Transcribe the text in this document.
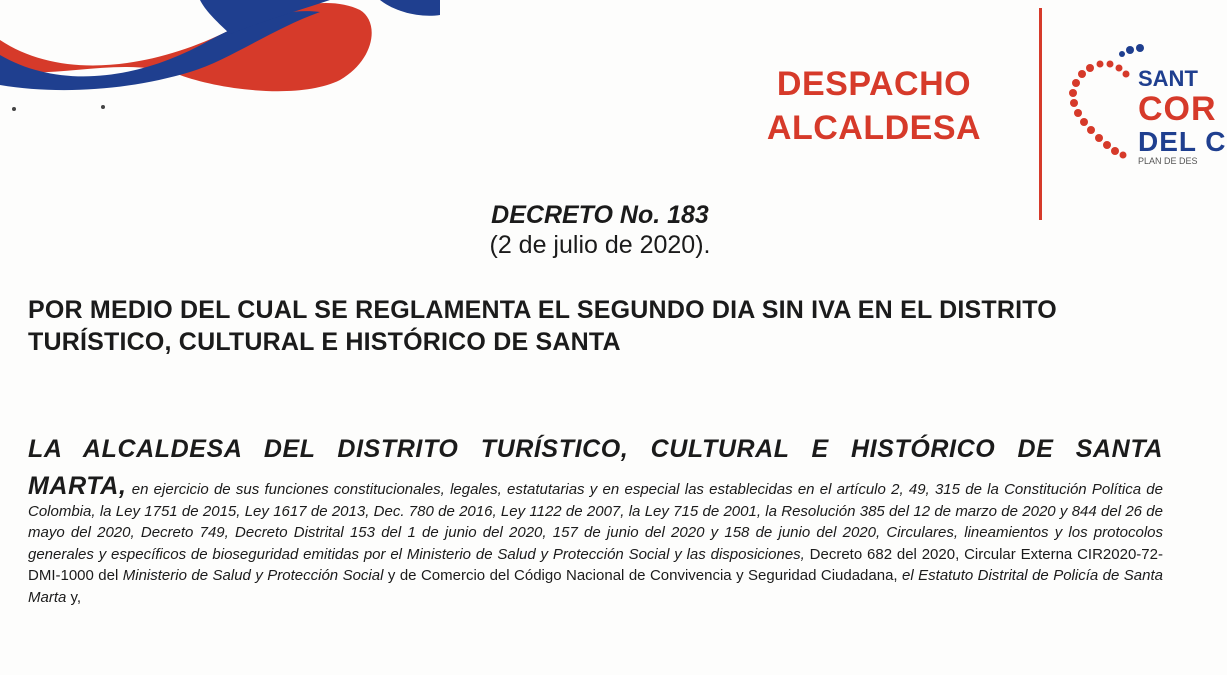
DESPACHO
ALCALDESA
SANT
COR
DEL C
PLAN DE DES
DECRETO No. 183
(2 de julio de 2020).
POR MEDIO DEL CUAL SE REGLAMENTA EL SEGUNDO DIA SIN IVA EN EL DISTRITO TURÍSTICO, CULTURAL E HISTÓRICO DE SANTA
LA ALCALDESA DEL DISTRITO TURÍSTICO, CULTURAL E HISTÓRICO DE SANTA
MARTA, en ejercicio de sus funciones constitucionales, legales, estatutarias y en especial las establecidas en el artículo 2, 49, 315 de la Constitución Política de Colombia, la Ley 1751 de 2015, Ley 1617 de 2013, Dec. 780 de 2016, Ley 1122 de 2007, la Ley 715 de 2001, la Resolución 385 del 12 de marzo de 2020 y 844 del 26 de mayo del 2020, Decreto 749, Decreto Distrital 153 del 1 de junio del 2020, 157 de junio del 2020 y 158 de junio del 2020, Circulares, lineamientos y los protocolos generales y específicos de bioseguridad emitidas por el Ministerio de Salud y Protección Social y las disposiciones, Decreto 682 del 2020, Circular Externa CIR2020-72-DMI-1000 del Ministerio de Salud y Protección Social y de Comercio del Código Nacional de Convivencia y Seguridad Ciudadana, el Estatuto Distrital de Policía de Santa Marta y,
